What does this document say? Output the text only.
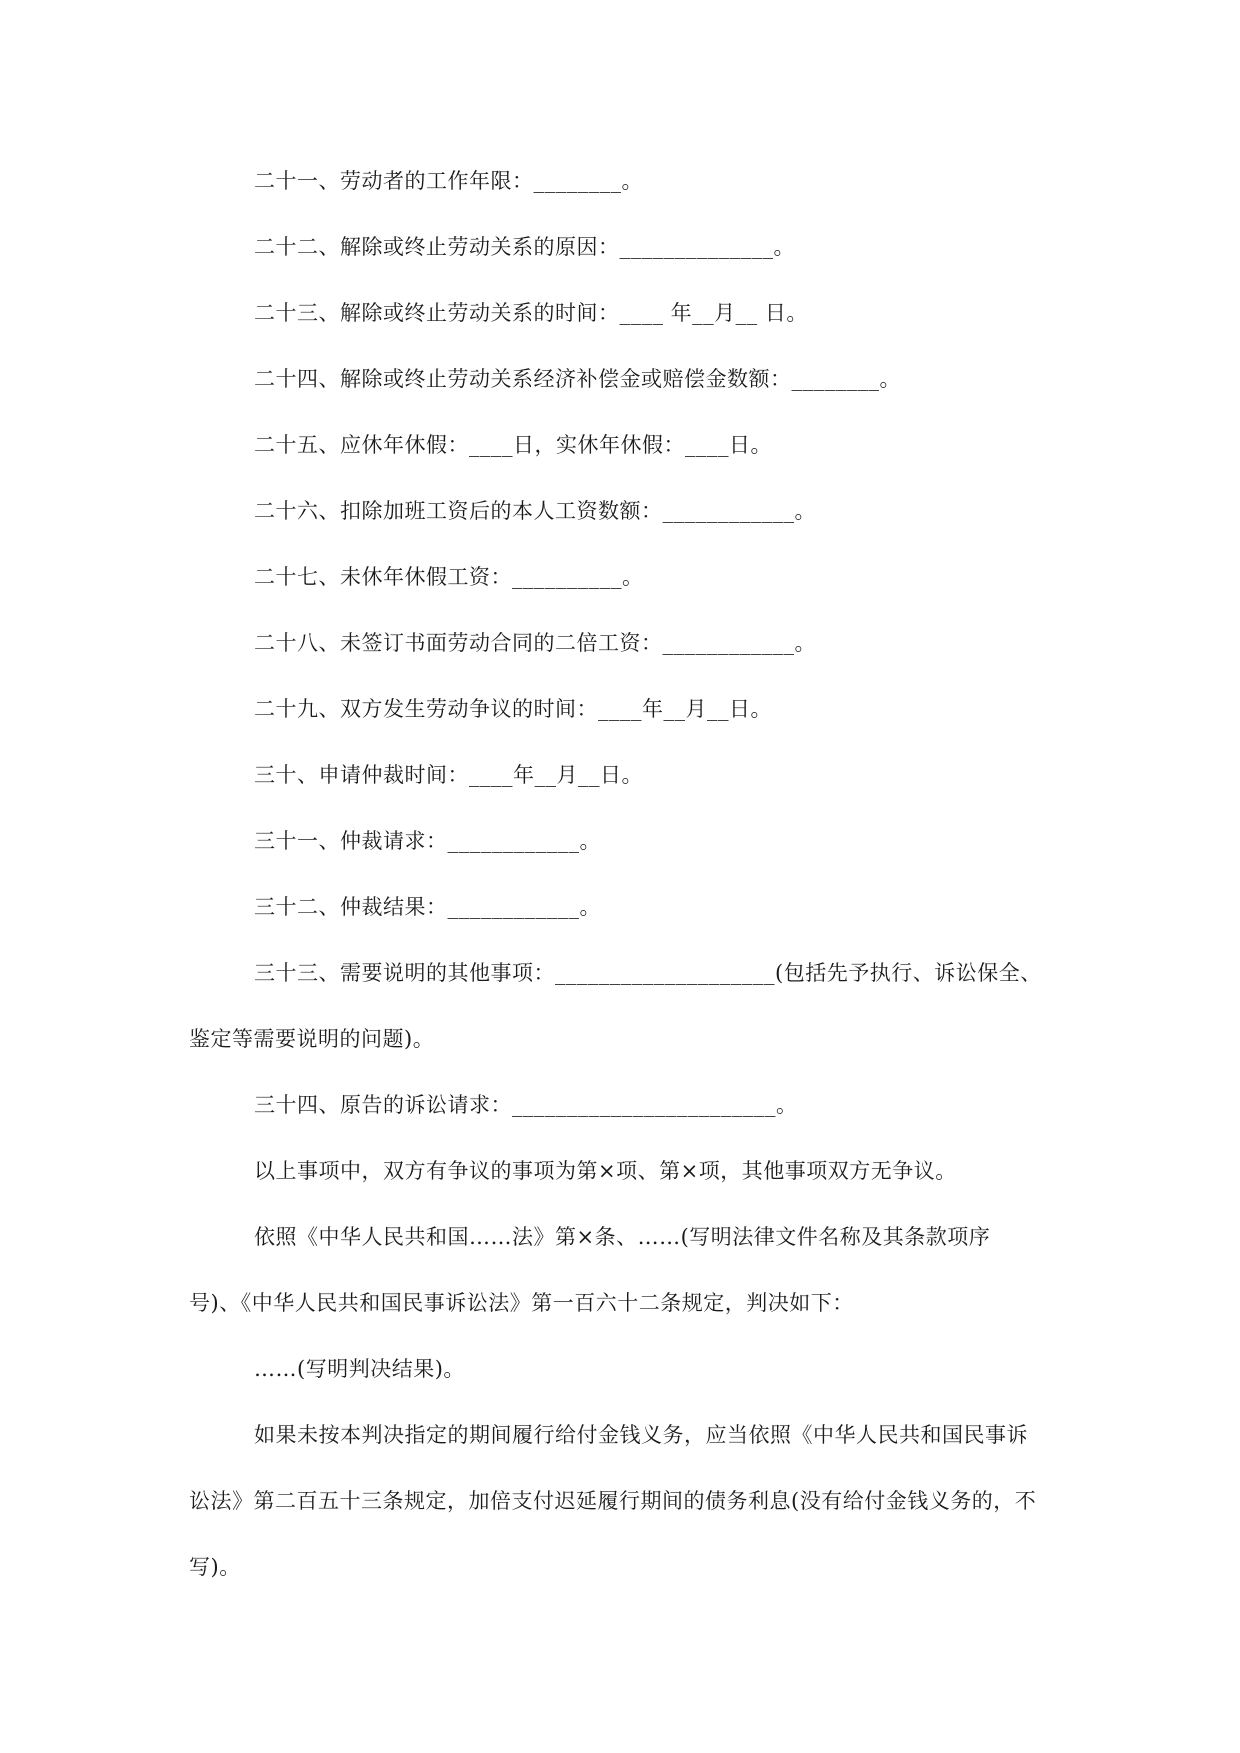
二十一、劳动者的工作年限：________。
二十二、解除或终止劳动关系的原因：______________。
二十三、解除或终止劳动关系的时间：____ 年__月__ 日。
二十四、解除或终止劳动关系经济补偿金或赔偿金数额：________。
二十五、应休年休假：____日，实休年休假：____日。
二十六、扣除加班工资后的本人工资数额：____________。
二十七、未休年休假工资：__________。
二十八、未签订书面劳动合同的二倍工资：____________。
二十九、双方发生劳动争议的时间：____年__月__日。
三十、申请仲裁时间：____年__月__日。
三十一、仲裁请求：____________。
三十二、仲裁结果：____________。
三十三、需要说明的其他事项：____________________(包括先予执行、诉讼保全、
鉴定等需要说明的问题)。
三十四、原告的诉讼请求：________________________。
以上事项中，双方有争议的事项为第×项、第×项，其他事项双方无争议。
依照《中华人民共和国……法》第×条、……(写明法律文件名称及其条款项序
号)、《中华人民共和国民事诉讼法》第一百六十二条规定，判决如下：
……(写明判决结果)。
如果未按本判决指定的期间履行给付金钱义务，应当依照《中华人民共和国民事诉
讼法》第二百五十三条规定，加倍支付迟延履行期间的债务利息(没有给付金钱义务的，不
写)。
